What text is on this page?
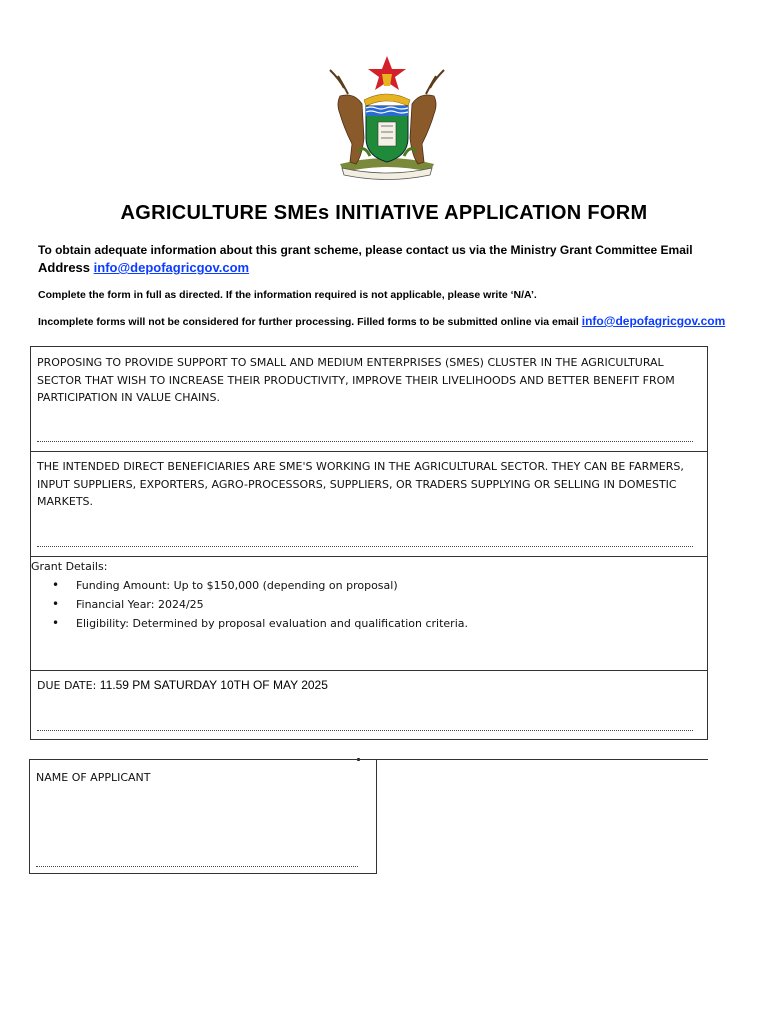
AGRICULTURE SMEs INITIATIVE APPLICATION FORM
To obtain adequate information about this grant scheme, please contact us via the Ministry Grant Committee Email
Address info@depofagricgov.com
Complete the form in full as directed. If the information required is not applicable, please write ‘N/A’.
Incomplete forms will not be considered for further processing. Filled forms to be submitted online via email info@depofagricgov.com
PROPOSING TO PROVIDE SUPPORT TO SMALL AND MEDIUM ENTERPRISES (SMES) CLUSTER IN THE AGRICULTURAL SECTOR THAT WISH TO INCREASE THEIR PRODUCTIVITY, IMPROVE THEIR LIVELIHOODS AND BETTER BENEFIT FROM PARTICIPATION IN VALUE CHAINS.
THE INTENDED DIRECT BENEFICIARIES ARE SME'S WORKING IN THE AGRICULTURAL SECTOR. THEY CAN BE FARMERS, INPUT SUPPLIERS, EXPORTERS, AGRO-PROCESSORS, SUPPLIERS, OR TRADERS SUPPLYING OR SELLING IN DOMESTIC MARKETS.
Grant Details:
• Funding Amount: Up to $150,000 (depending on proposal)
• Financial Year: 2024/25
• Eligibility: Determined by proposal evaluation and qualification criteria.
DUE DATE: 11.59 PM SATURDAY 10TH OF MAY 2025
NAME OF APPLICANT
